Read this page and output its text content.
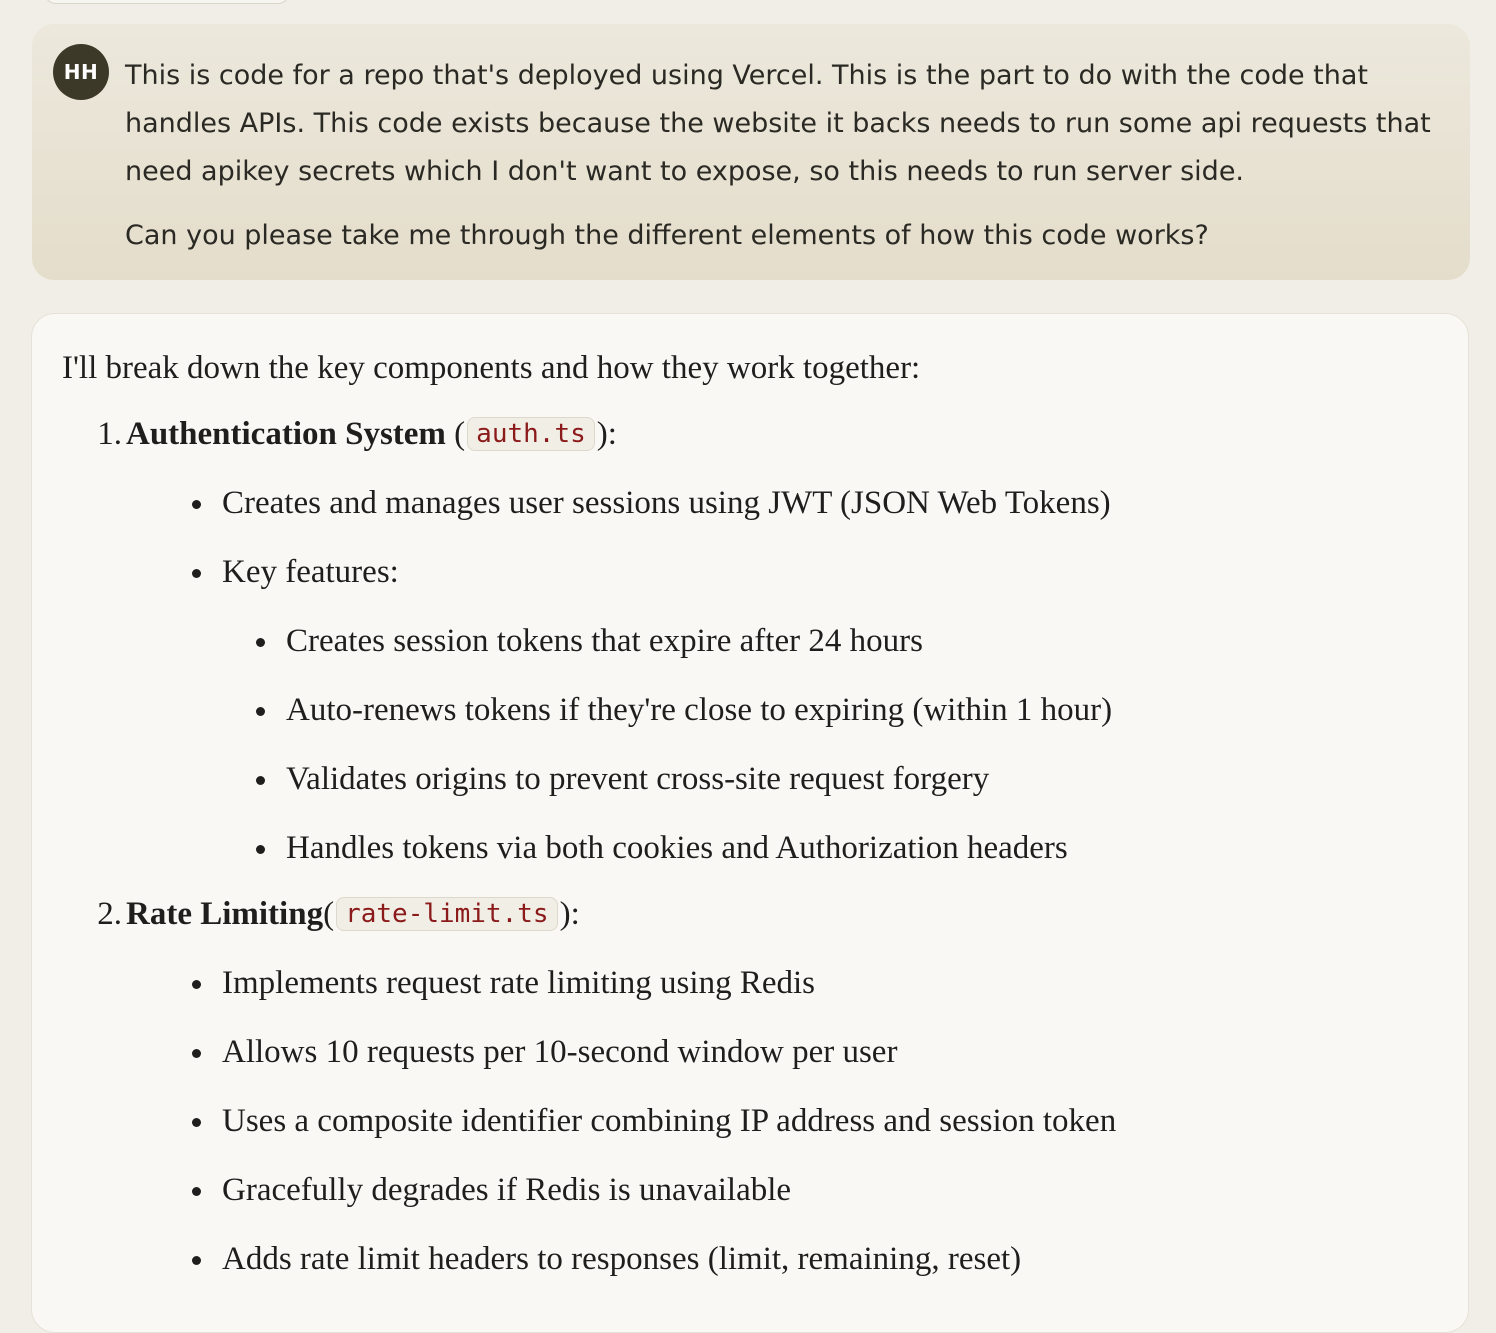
HH This is code for a repo that's deployed using Vercel. This is the part to do with the code that handles APIs. This code exists because the website it backs needs to run some api requests that need apikey secrets which I don't want to expose, so this needs to run server side.

Can you please take me through the different elements of how this code works?

I'll break down the key components and how they work together:

1. Authentication System ( auth.ts ):
Creates and manages user sessions using JWT (JSON Web Tokens)
Key features:
Creates session tokens that expire after 24 hours
Auto-renews tokens if they're close to expiring (within 1 hour)
Validates origins to prevent cross-site request forgery
Handles tokens via both cookies and Authorization headers
2. Rate Limiting( rate-limit.ts ):
Implements request rate limiting using Redis
Allows 10 requests per 10-second window per user
Uses a composite identifier combining IP address and session token
Gracefully degrades if Redis is unavailable
Adds rate limit headers to responses (limit, remaining, reset)
